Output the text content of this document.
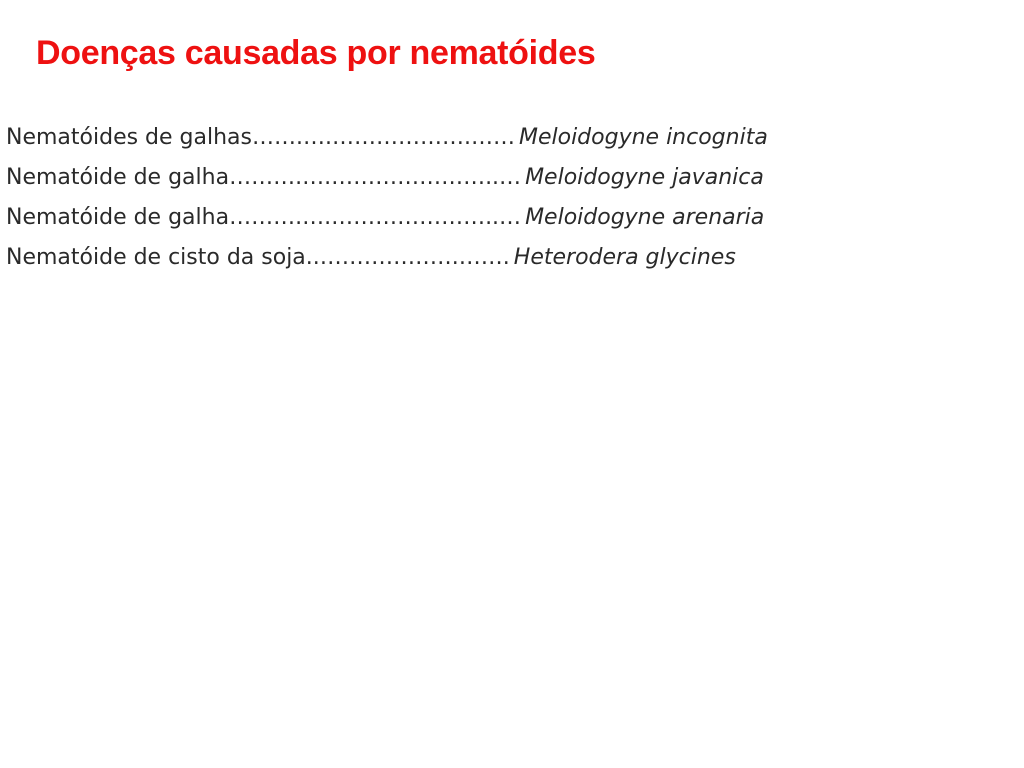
Doenças causadas por nematóides
Nematóides de galhas …….….……………….…… Meloidogyne incognita
Nematóide de galha ……….….…………………..… Meloidogyne javanica
Nematóide de galha ……….….…………………..… Meloidogyne arenaria
Nematóide de cisto da soja ..……………….……. Heterodera glycines
